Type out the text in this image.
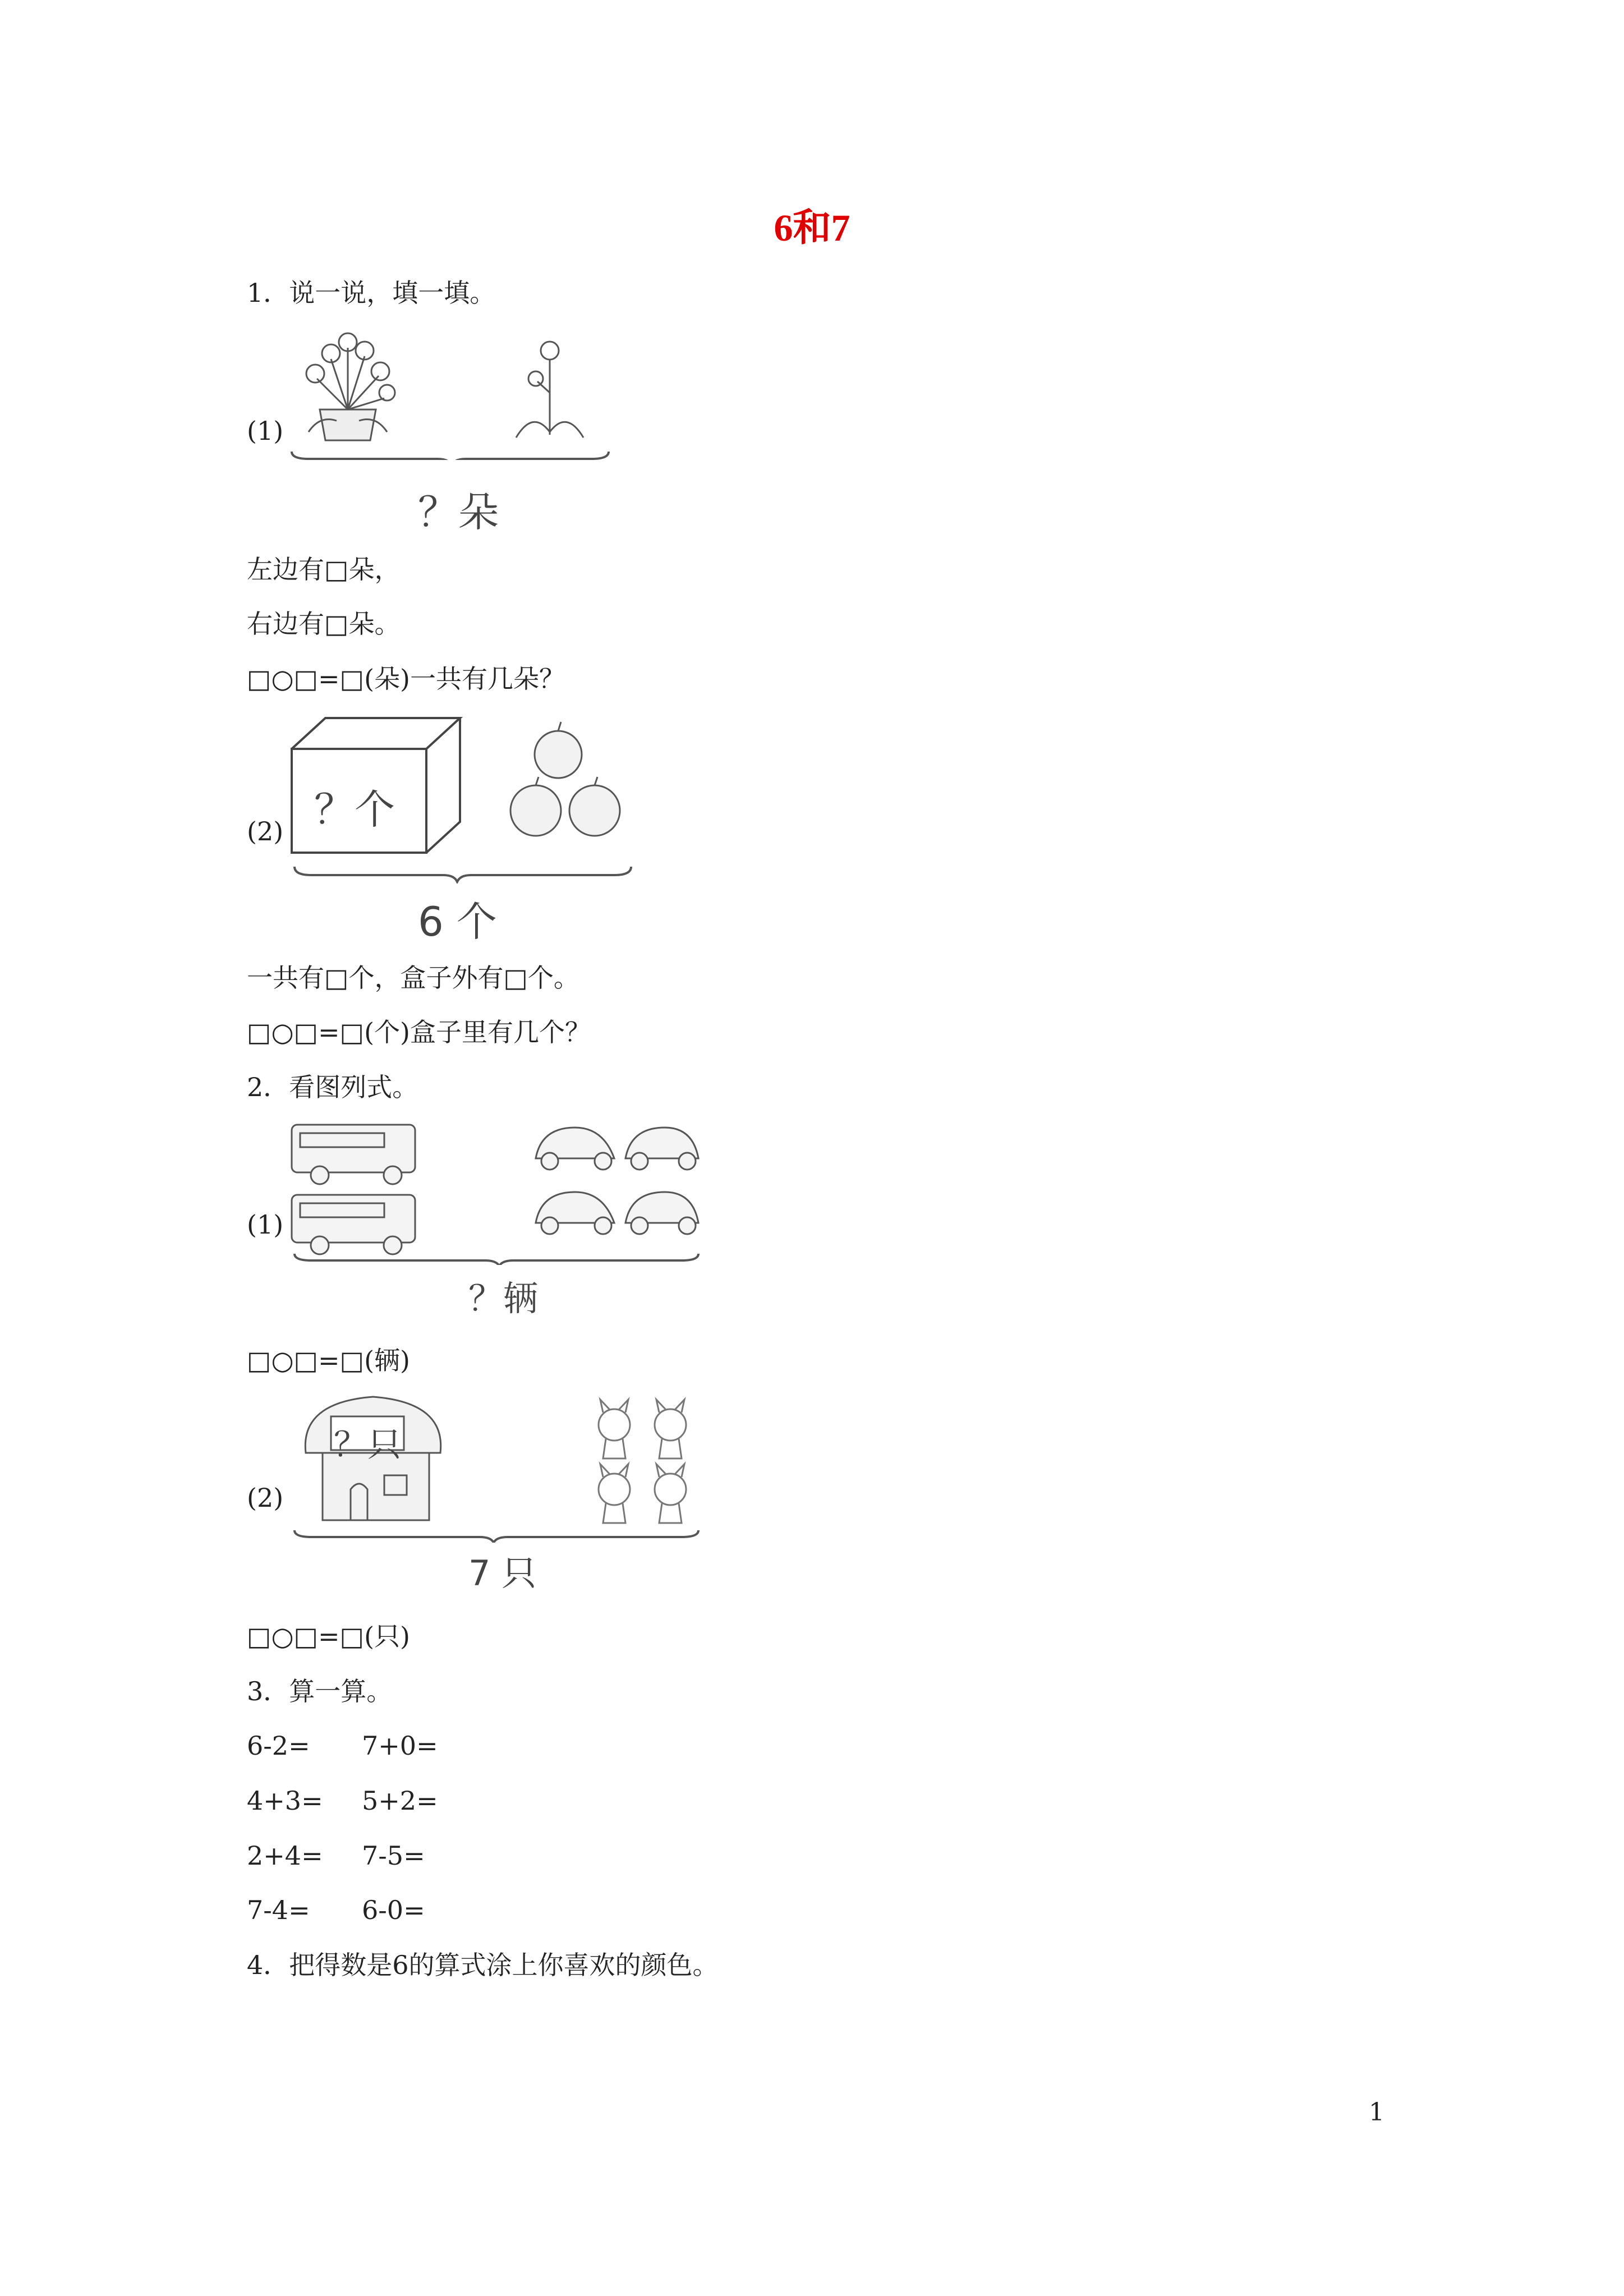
6和7
1．说一说，填一填。
(1)
？朵
左边有□朵，
右边有□朵。
□○□=□(朵)一共有几朵？
(2) ？个
6 个
一共有□个，盒子外有□个。
□○□=□(个)盒子里有几个？
2．看图列式。
(1)
？辆
□○□=□(辆)
(2)
？只
7 只
□○□=□(只)
3．算一算。
6-2= 7+0=
4+3= 5+2=
2+4= 7-5=
7-4= 6-0=
4．把得数是6的算式涂上你喜欢的颜色。
1
